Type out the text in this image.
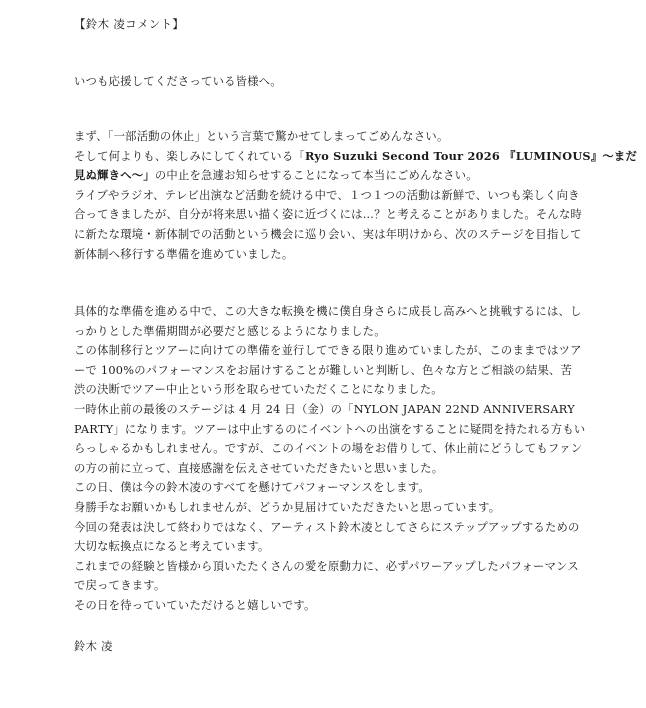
【鈴木 凌コメント】

いつも応援してくださっている皆様へ。

まず、「一部活動の休止」という言葉で驚かせてしまってごめんなさい。
そして何よりも、楽しみにしてくれている「Ryo Suzuki Second Tour 2026 『LUMINOUS』〜まだ
見ぬ輝きへ〜」の中止を急遽お知らせすることになって本当にごめんなさい。
ライブやラジオ、テレビ出演など活動を続ける中で、１つ１つの活動は新鮮で、いつも楽しく向き
合ってきましたが、自分が将来思い描く姿に近づくには…？と考えることがありました。そんな時
に新たな環境・新体制での活動という機会に巡り会い、実は年明けから、次のステージを目指して
新体制へ移行する準備を進めていました。

具体的な準備を進める中で、この大きな転換を機に僕自身さらに成長し高みへと挑戦するには、し
っかりとした準備期間が必要だと感じるようになりました。
この体制移行とツアーに向けての準備を並行してできる限り進めていましたが、このままではツア
ーで 100%のパフォーマンスをお届けすることが難しいと判断し、色々な方とご相談の結果、苦
渋の決断でツアー中止という形を取らせていただくことになりました。
一時休止前の最後のステージは 4 月 24 日（金）の「NYLON JAPAN 22ND ANNIVERSARY
PARTY」になります。ツアーは中止するのにイベントへの出演をすることに疑問を持たれる方もい
らっしゃるかもしれません。ですが、このイベントの場をお借りして、休止前にどうしてもファン
の方の前に立って、直接感謝を伝えさせていただきたいと思いました。
この日、僕は今の鈴木凌のすべてを懸けてパフォーマンスをします。
身勝手なお願いかもしれませんが、どうか見届けていただきたいと思っています。
今回の発表は決して終わりではなく、アーティスト鈴木凌としてさらにステップアップするための
大切な転換点になると考えています。
これまでの経験と皆様から頂いたたくさんの愛を原動力に、必ずパワーアップしたパフォーマンス
で戻ってきます。
その日を待っていていただけると嬉しいです。

鈴木 凌
